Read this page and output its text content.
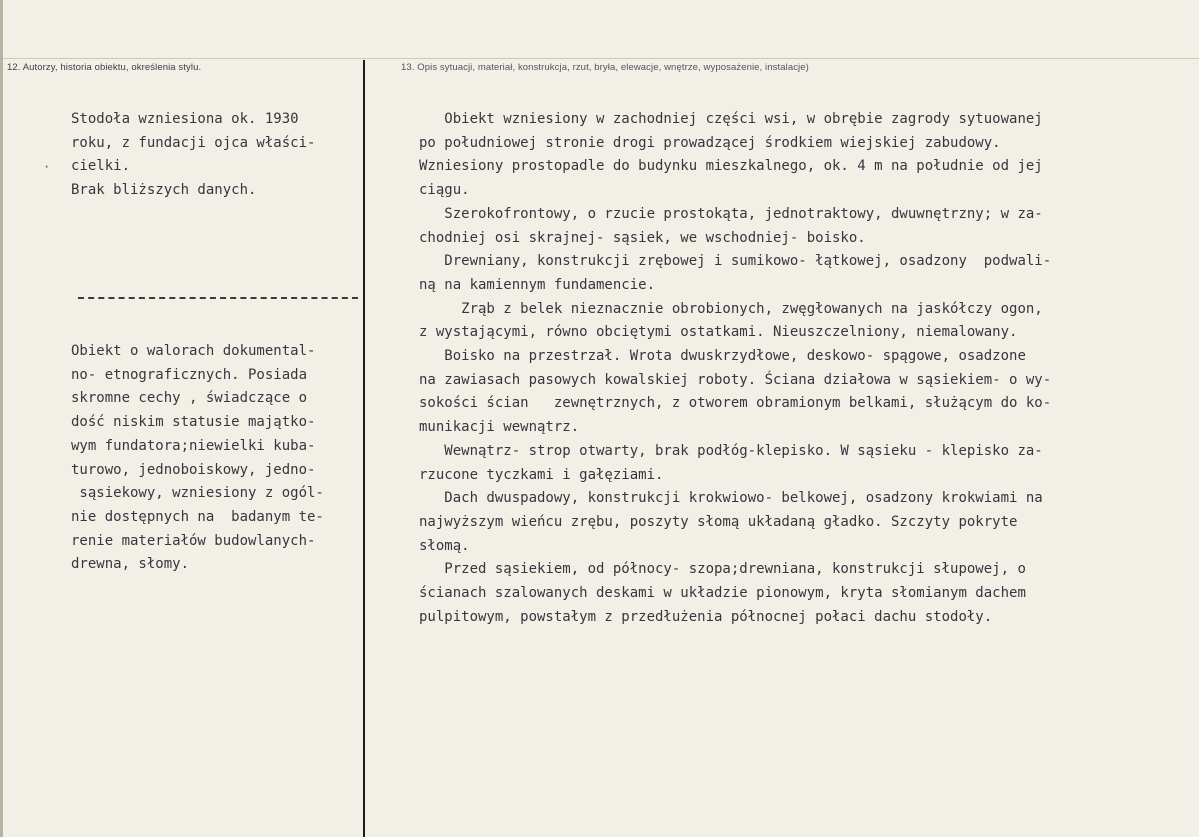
12. Autorzy, historia obiektu, określenia stylu.	13. Opis sytuacji, materiał, konstrukcja, rzut, bryła, elewacje, wnętrze, wyposażenie, instalacje)
·
Stodoła wzniesiona ok. 1930
roku, z fundacji ojca właści-
cielki.
Brak bliższych danych.
Obiekt o walorach dokumental-
no- etnograficznych. Posiada
skromne cechy , świadczące o
dość niskim statusie majątko-
wym fundatora;niewielki kuba-
turowo, jednoboiskowy, jedno-
sąsiekowy, wzniesiony z ogól-
nie dostępnych na  badanym te-
renie materiałów budowlanych-
drewna, słomy.
Obiekt wzniesiony w zachodniej części wsi, w obrębie zagrody sytuowanej
po południowej stronie drogi prowadzącej środkiem wiejskiej zabudowy.
Wzniesiony prostopadle do budynku mieszkalnego, ok. 4 m na południe od jej
ciągu.
Szerokofrontowy, o rzucie prostokąta, jednotraktowy, dwuwnętrzny; w za-
chodniej osi skrajnej- sąsiek, we wschodniej- boisko.
Drewniany, konstrukcji zrębowej i sumikowo- łątkowej, osadzony  podwali-
ną na kamiennym fundamencie.
Zrąb z belek nieznacznie obrobionych, zwęgłowanych na jaskółczy ogon,
z wystającymi, równo obciętymi ostatkami. Nieuszczelniony, niemalowany.
Boisko na przestrzał. Wrota dwuskrzydłowe, deskowo- spągowe, osadzone
na zawiasach pasowych kowalskiej roboty. Ściana działowa w sąsiekiem- o wy-
sokości ścian   zewnętrznych, z otworem obramionym belkami, służącym do ko-
munikacji wewnątrz.
Wewnątrz- strop otwarty, brak podłóg-klepisko. W sąsieku - klepisko za-
rzucone tyczkami i gałęziami.
Dach dwuspadowy, konstrukcji krokwiowo- belkowej, osadzony krokwiami na
najwyższym wieńcu zrębu, poszyty słomą układaną gładko. Szczyty pokryte
słomą.
Przed sąsiekiem, od północy- szopa;drewniana, konstrukcji słupowej, o
ścianach szalowanych deskami w układzie pionowym, kryta słomianym dachem
pulpitowym, powstałym z przedłużenia północnej połaci dachu stodoły.
